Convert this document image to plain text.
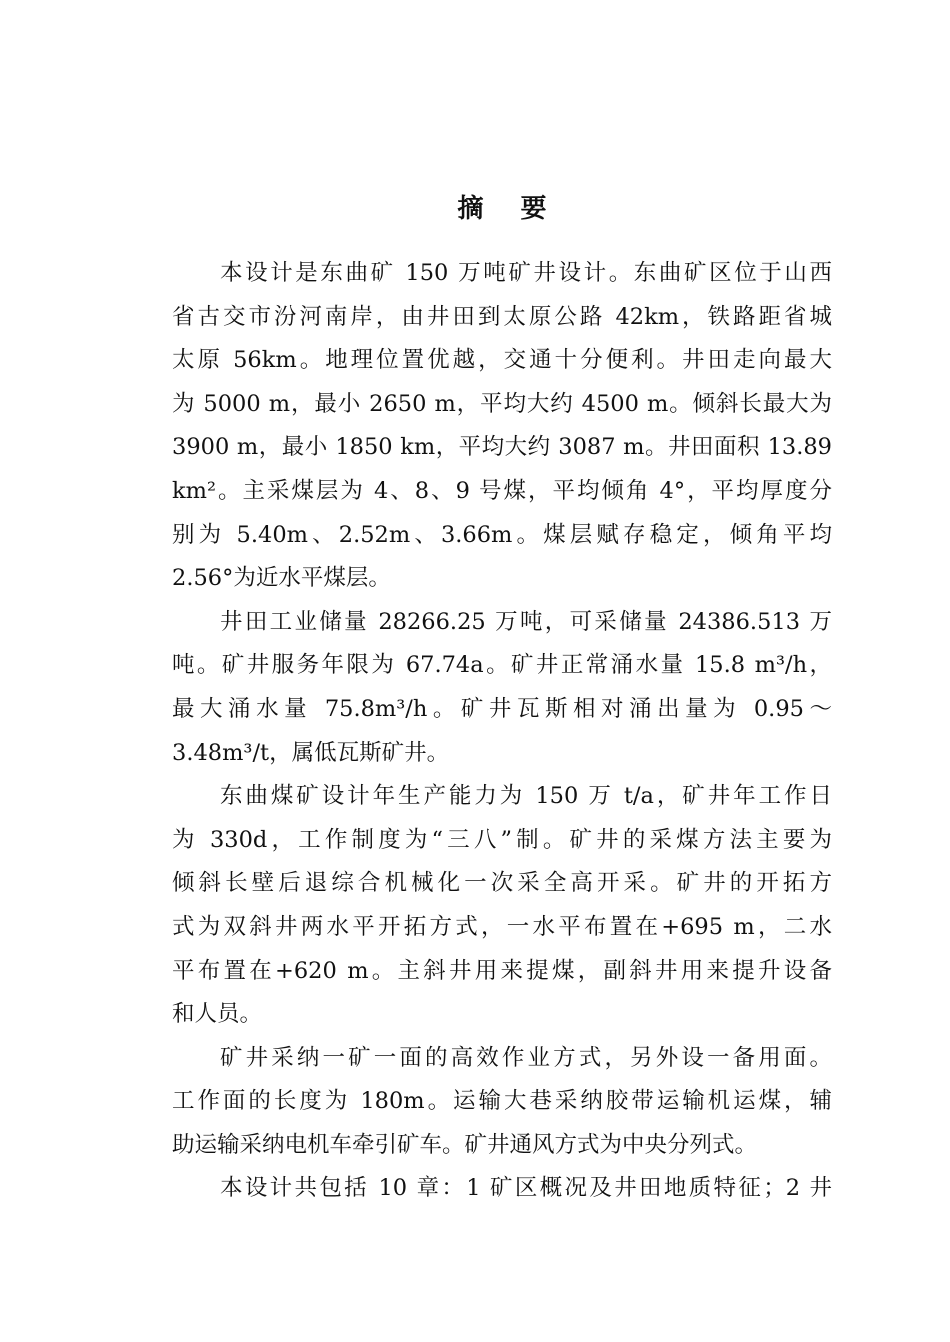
摘 要
本设计是东曲矿 150 万吨矿井设计。东曲矿区位于山西
省古交市汾河南岸，由井田到太原公路 42km，铁路距省城
太原 56km。地理位置优越，交通十分便利。井田走向最大
为 5000 m，最小 2650 m，平均大约 4500 m。倾斜长最大为
3900 m，最小 1850 km，平均大约 3087 m。井田面积 13.89
km²。主采煤层为 4、8、9 号煤，平均倾角 4°，平均厚度分
别为 5.40m、2.52m、3.66m。煤层赋存稳定，倾角平均
2.56°为近水平煤层。
井田工业储量 28266.25 万吨，可采储量 24386.513 万
吨。矿井服务年限为 67.74a。矿井正常涌水量 15.8 m³/h，
最大涌水量 75.8m³/h。矿井瓦斯相对涌出量为 0.95～
3.48m³/t，属低瓦斯矿井。
东曲煤矿设计年生产能力为 150 万 t/a，矿井年工作日
为 330d，工作制度为“三八”制。矿井的采煤方法主要为
倾斜长壁后退综合机械化一次采全高开采。矿井的开拓方
式为双斜井两水平开拓方式，一水平布置在+695 m，二水
平布置在+620 m。主斜井用来提煤，副斜井用来提升设备
和人员。
矿井采纳一矿一面的高效作业方式，另外设一备用面。
工作面的长度为 180m。运输大巷采纳胶带运输机运煤，辅
助运输采纳电机车牵引矿车。矿井通风方式为中央分列式。
本设计共包括 10 章：1 矿区概况及井田地质特征；2 井
